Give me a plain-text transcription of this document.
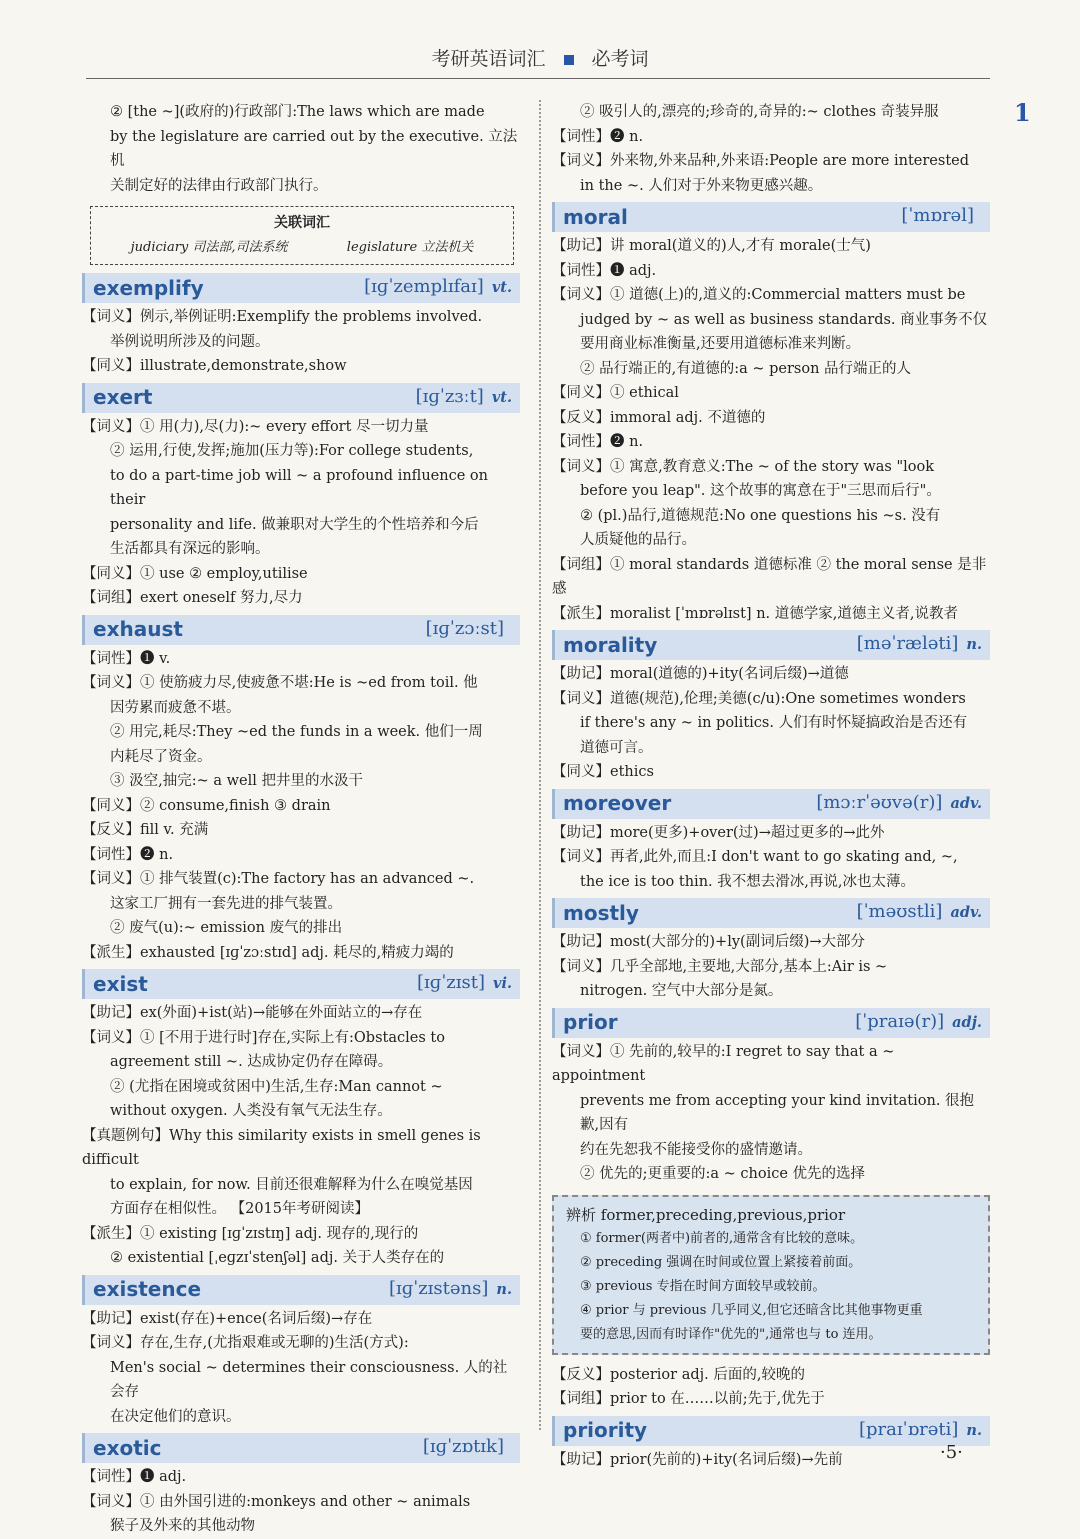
考研英语词汇 必考词
1
② [the ~](政府的)行政部门:The laws which are made
by the legislature are carried out by the executive. 立法机
关制定好的法律由行政部门执行。
关联词汇
judiciary 司法部,司法系统	legislature 立法机关
exemplify	[ɪɡˈzemplɪfaɪ] vt.
【词义】例示,举例证明:Exemplify the problems involved.
举例说明所涉及的问题。
【同义】illustrate,demonstrate,show
exert	[ɪɡˈzɜːt] vt.
【词义】① 用(力),尽(力):~ every effort 尽一切力量
② 运用,行使,发挥;施加(压力等):For college students,
to do a part-time job will ~ a profound influence on their
personality and life. 做兼职对大学生的个性培养和今后
生活都具有深远的影响。
【同义】① use ② employ,utilise
【词组】exert oneself 努力,尽力
exhaust	[ɪɡˈzɔːst]
【词性】❶ v.
【词义】① 使筋疲力尽,使疲惫不堪:He is ~ed from toil. 他
因劳累而疲惫不堪。
② 用完,耗尽:They ~ed the funds in a week. 他们一周
内耗尽了资金。
③ 汲空,抽完:~ a well 把井里的水汲干
【同义】② consume,finish ③ drain
【反义】fill v. 充满
【词性】❷ n.
【词义】① 排气装置(c):The factory has an advanced ~.
这家工厂拥有一套先进的排气装置。
② 废气(u):~ emission 废气的排出
【派生】exhausted [ɪɡˈzɔːstɪd] adj. 耗尽的,精疲力竭的
exist	[ɪɡˈzɪst] vi.
【助记】ex(外面)+ist(站)→能够在外面站立的→存在
【词义】① [不用于进行时]存在,实际上有:Obstacles to
agreement still ~. 达成协定仍存在障碍。
② (尤指在困境或贫困中)生活,生存:Man cannot ~
without oxygen. 人类没有氧气无法生存。
【真题例句】Why this similarity exists in smell genes is difficult
to explain, for now. 目前还很难解释为什么在嗅觉基因
方面存在相似性。 【2015年考研阅读】
【派生】① existing [ɪɡˈzɪstɪŋ] adj. 现存的,现行的
② existential [ˌeɡzɪˈstenʃəl] adj. 关于人类存在的
existence	[ɪɡˈzɪstəns] n.
【助记】exist(存在)+ence(名词后缀)→存在
【词义】存在,生存,(尤指艰难或无聊的)生活(方式):
Men's social ~ determines their consciousness. 人的社会存
在决定他们的意识。
exotic	[ɪɡˈzɒtɪk]
【词性】❶ adj.
【词义】① 由外国引进的:monkeys and other ~ animals
猴子及外来的其他动物
② 吸引人的,漂亮的;珍奇的,奇异的:~ clothes 奇装异服
【词性】❷ n.
【词义】外来物,外来品种,外来语:People are more interested
in the ~. 人们对于外来物更感兴趣。
moral	[ˈmɒrəl]
【助记】讲 moral(道义的)人,才有 morale(士气)
【词性】❶ adj.
【词义】① 道德(上)的,道义的:Commercial matters must be
judged by ~ as well as business standards. 商业事务不仅
要用商业标准衡量,还要用道德标准来判断。
② 品行端正的,有道德的:a ~ person 品行端正的人
【同义】① ethical
【反义】immoral adj. 不道德的
【词性】❷ n.
【词义】① 寓意,教育意义:The ~ of the story was "look
before you leap". 这个故事的寓意在于"三思而后行"。
② (pl.)品行,道德规范:No one questions his ~s. 没有
人质疑他的品行。
【词组】① moral standards 道德标准 ② the moral sense 是非感
【派生】moralist [ˈmɒrəlɪst] n. 道德学家,道德主义者,说教者
morality	[məˈræləti] n.
【助记】moral(道德的)+ity(名词后缀)→道德
【词义】道德(规范),伦理;美德(c/u):One sometimes wonders
if there's any ~ in politics. 人们有时怀疑搞政治是否还有
道德可言。
【同义】ethics
moreover	[mɔːrˈəʊvə(r)] adv.
【助记】more(更多)+over(过)→超过更多的→此外
【词义】再者,此外,而且:I don't want to go skating and, ~,
the ice is too thin. 我不想去滑冰,再说,冰也太薄。
mostly	[ˈməʊstli] adv.
【助记】most(大部分的)+ly(副词后缀)→大部分
【词义】几乎全部地,主要地,大部分,基本上:Air is ~
nitrogen. 空气中大部分是氮。
prior	[ˈpraɪə(r)] adj.
【词义】① 先前的,较早的:I regret to say that a ~ appointment
prevents me from accepting your kind invitation. 很抱歉,因有
约在先恕我不能接受你的盛情邀请。
② 优先的;更重要的:a ~ choice 优先的选择
辨析 former,preceding,previous,prior
① former(两者中)前者的,通常含有比较的意味。
② preceding 强调在时间或位置上紧接着前面。
③ previous 专指在时间方面较早或较前。
④ prior 与 previous 几乎同义,但它还暗含比其他事物更重
要的意思,因而有时译作"优先的",通常也与 to 连用。
【反义】posterior adj. 后面的,较晚的
【词组】prior to 在……以前;先于,优先于
priority	[praɪˈɒrəti] n.
【助记】prior(先前的)+ity(名词后缀)→先前	·5·
